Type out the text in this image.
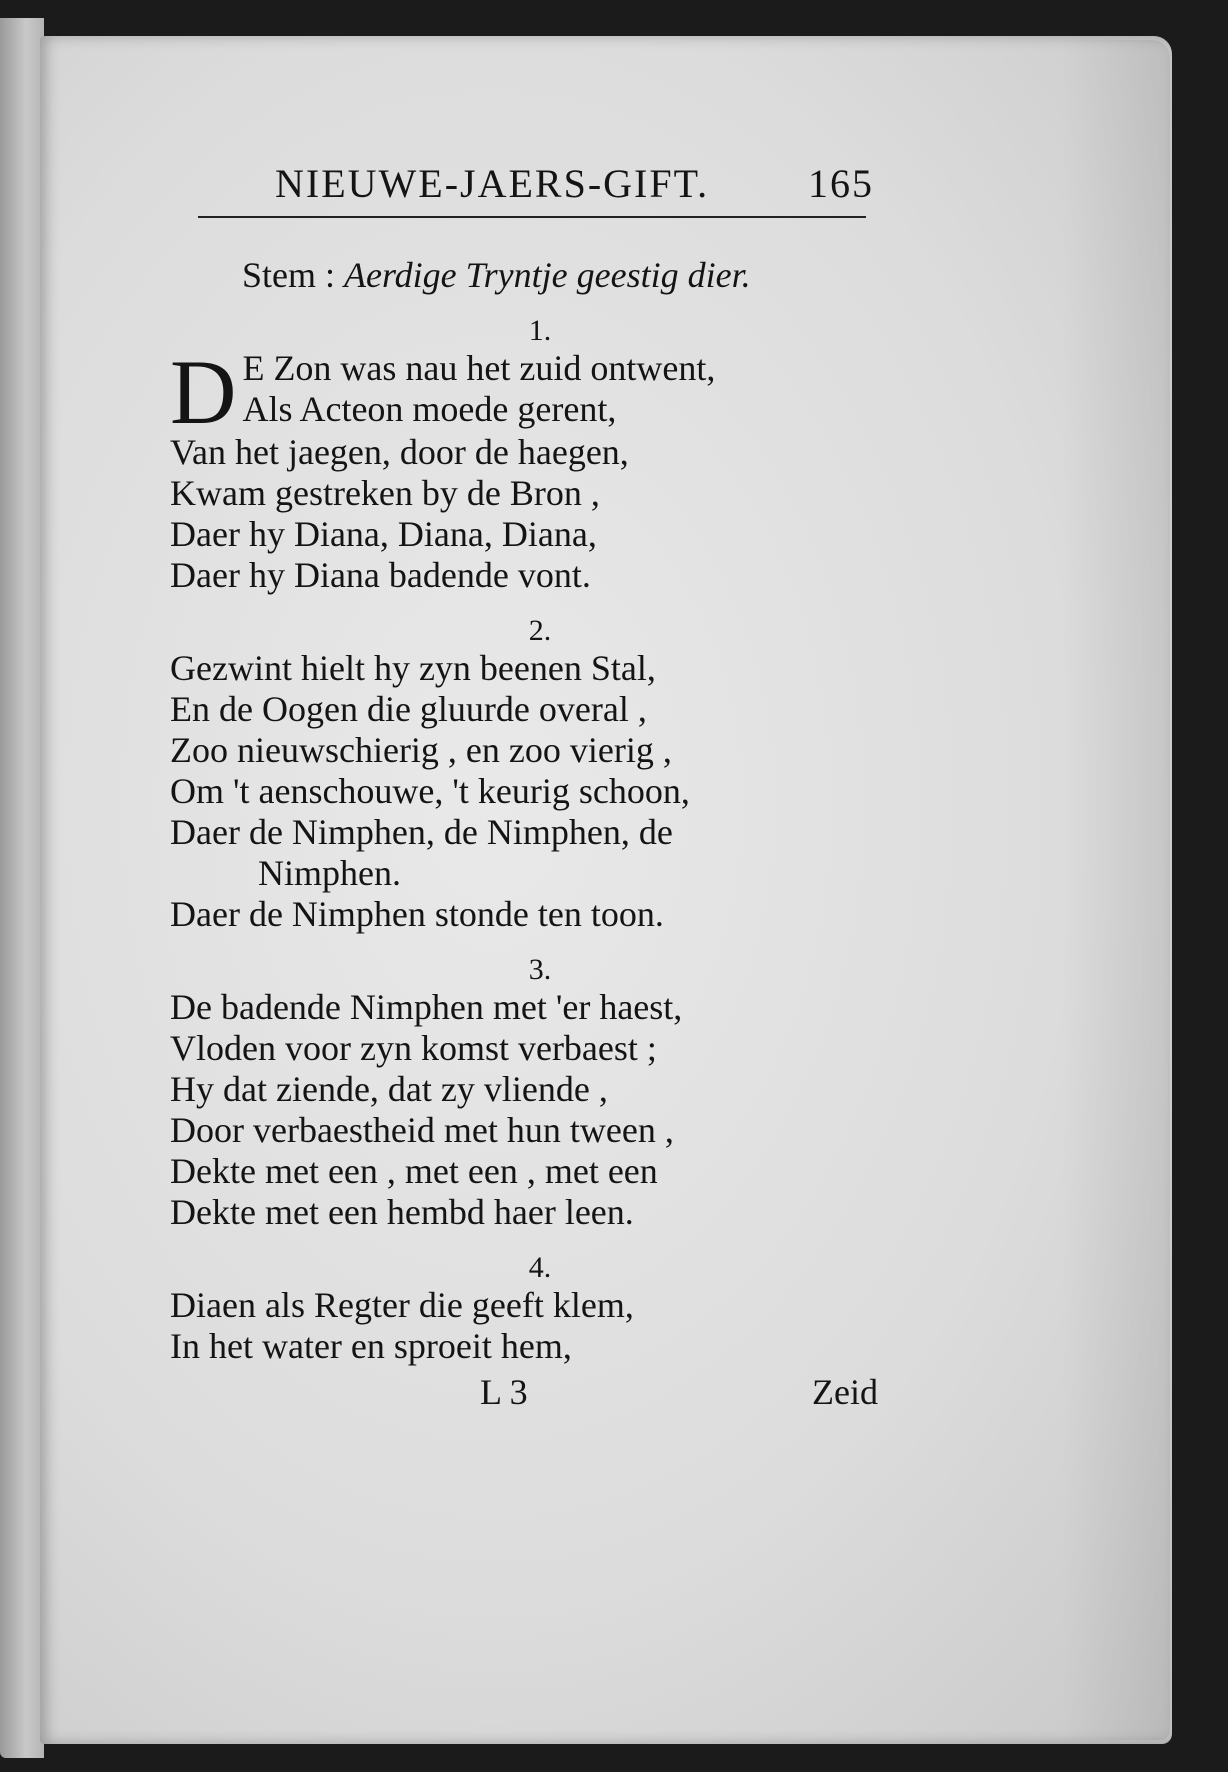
NIEUWE-JAERS-GIFT. 165
Stem : Aerdige Tryntje geestig dier.
1.
D E Zon was nau het zuid ontwent,
Als Acteon moede gerent,
Van het jaegen, door de haegen,
Kwam gestreken by de Bron ,
Daer hy Diana, Diana, Diana,
Daer hy Diana badende vont.
2.
Gezwint hielt hy zyn beenen Stal,
En de Oogen die gluurde overal ,
Zoo nieuwschierig , en zoo vierig ,
Om 't aenschouwe, 't keurig schoon,
Daer de Nimphen, de Nimphen, de
Nimphen.
Daer de Nimphen stonde ten toon.
3.
De badende Nimphen met 'er haest,
Vloden voor zyn komst verbaest ;
Hy dat ziende, dat zy vliende ,
Door verbaestheid met hun tween ,
Dekte met een , met een , met een
Dekte met een hembd haer leen.
4.
Diaen als Regter die geeft klem,
In het water en sproeit hem,
L 3	Zeid
